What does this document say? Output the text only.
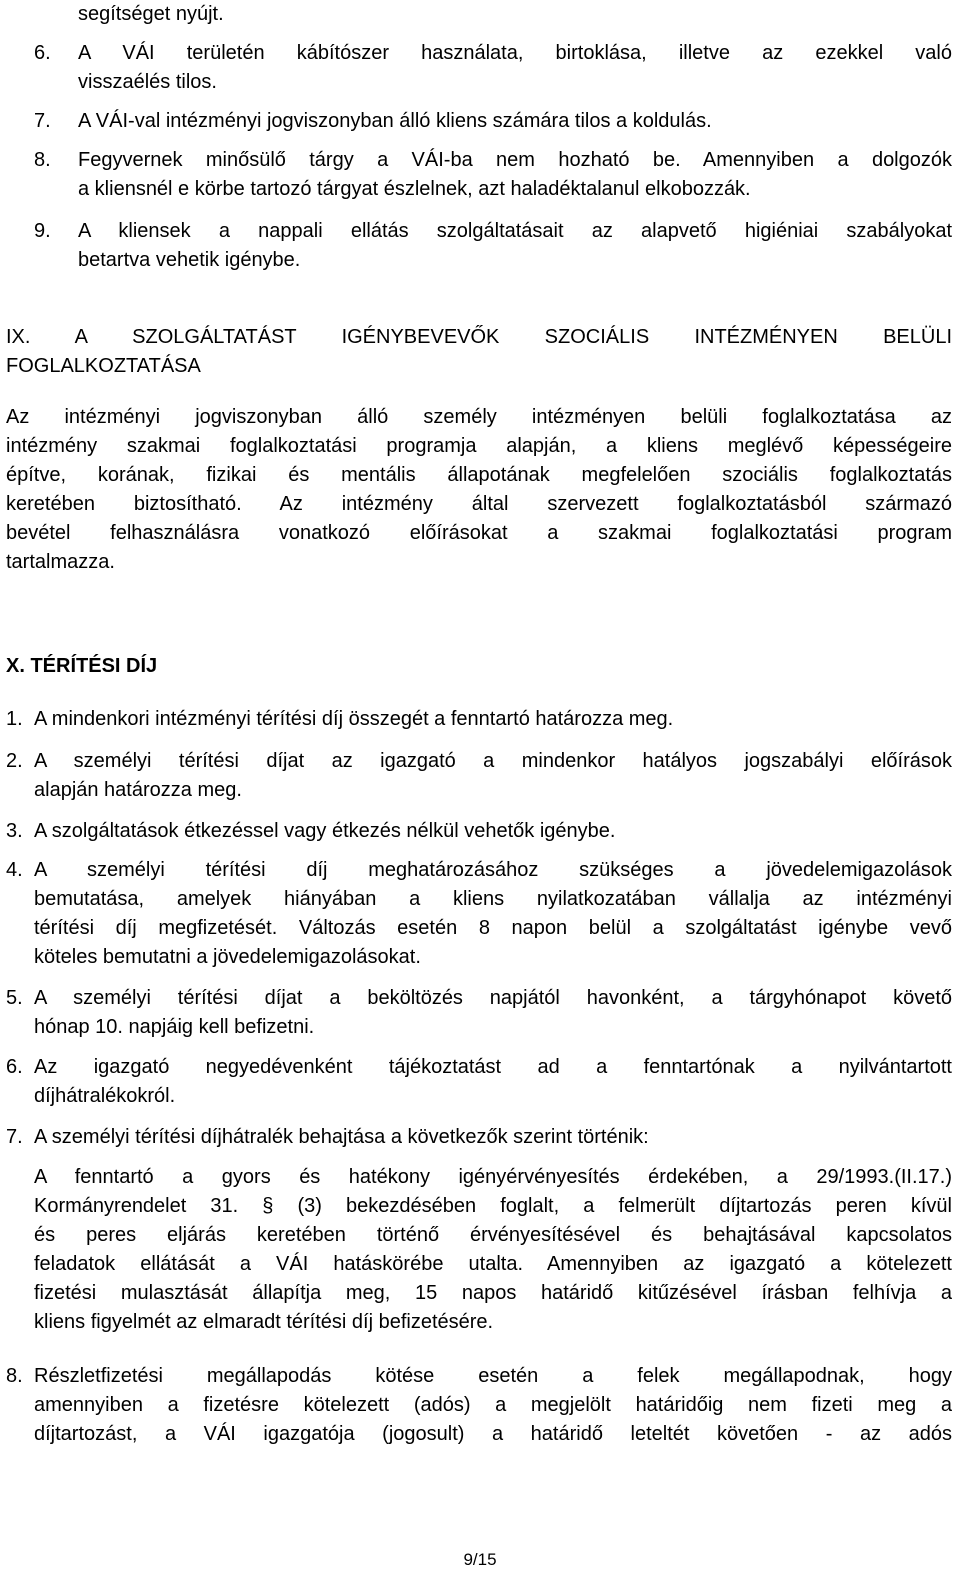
segítséget nyújt.
6. A VÁI területén kábítószer használata, birtoklása, illetve az ezekkel való
visszaélés tilos.
7. A VÁI-val intézményi jogviszonyban álló kliens számára tilos a koldulás.
8. Fegyvernek minősülő tárgy a VÁI-ba nem hozható be. Amennyiben a dolgozók
a kliensnél e körbe tartozó tárgyat észlelnek, azt haladéktalanul elkobozzák.
9. A kliensek a nappali ellátás szolgáltatásait az alapvető higiéniai szabályokat
betartva vehetik igénybe.
IX. A SZOLGÁLTATÁST IGÉNYBEVEVŐK SZOCIÁLIS INTÉZMÉNYEN BELÜLI
FOGLALKOZTATÁSA
Az intézményi jogviszonyban álló személy intézményen belüli foglalkoztatása az
intézmény szakmai foglalkoztatási programja alapján, a kliens meglévő képességeire
építve, korának, fizikai és mentális állapotának megfelelően szociális foglalkoztatás
keretében biztosítható. Az intézmény által szervezett foglalkoztatásból származó
bevétel felhasználásra vonatkozó előírásokat a szakmai foglalkoztatási program
tartalmazza.
X. TÉRÍTÉSI DÍJ
1. A mindenkori intézményi térítési díj összegét a fenntartó határozza meg.
2. A személyi térítési díjat az igazgató a mindenkor hatályos jogszabályi előírások
alapján határozza meg.
3. A szolgáltatások étkezéssel vagy étkezés nélkül vehetők igénybe.
4. A személyi térítési díj meghatározásához szükséges a jövedelemigazolások
bemutatása, amelyek hiányában a kliens nyilatkozatában vállalja az intézményi
térítési díj megfizetését. Változás esetén 8 napon belül a szolgáltatást igénybe vevő
köteles bemutatni a jövedelemigazolásokat.
5. A személyi térítési díjat a beköltözés napjától havonként, a tárgyhónapot követő
hónap 10. napjáig kell befizetni.
6. Az igazgató negyedévenként tájékoztatást ad a fenntartónak a nyilvántartott
díjhátralékokról.
7. A személyi térítési díjhátralék behajtása a következők szerint történik:
A fenntartó a gyors és hatékony igényérvényesítés érdekében, a 29/1993.(II.17.)
Kormányrendelet 31. § (3) bekezdésében foglalt, a felmerült díjtartozás peren kívül
és peres eljárás keretében történő érvényesítésével és behajtásával kapcsolatos
feladatok ellátását a VÁI hatáskörébe utalta. Amennyiben az igazgató a kötelezett
fizetési mulasztását állapítja meg, 15 napos határidő kitűzésével írásban felhívja a
kliens figyelmét az elmaradt térítési díj befizetésére.
8. Részletfizetési megállapodás kötése esetén a felek megállapodnak, hogy
amennyiben a fizetésre kötelezett (adós) a megjelölt határidőig nem fizeti meg a
díjtartozást, a VÁI igazgatója (jogosult) a határidő leteltét követően - az adós
9/15
